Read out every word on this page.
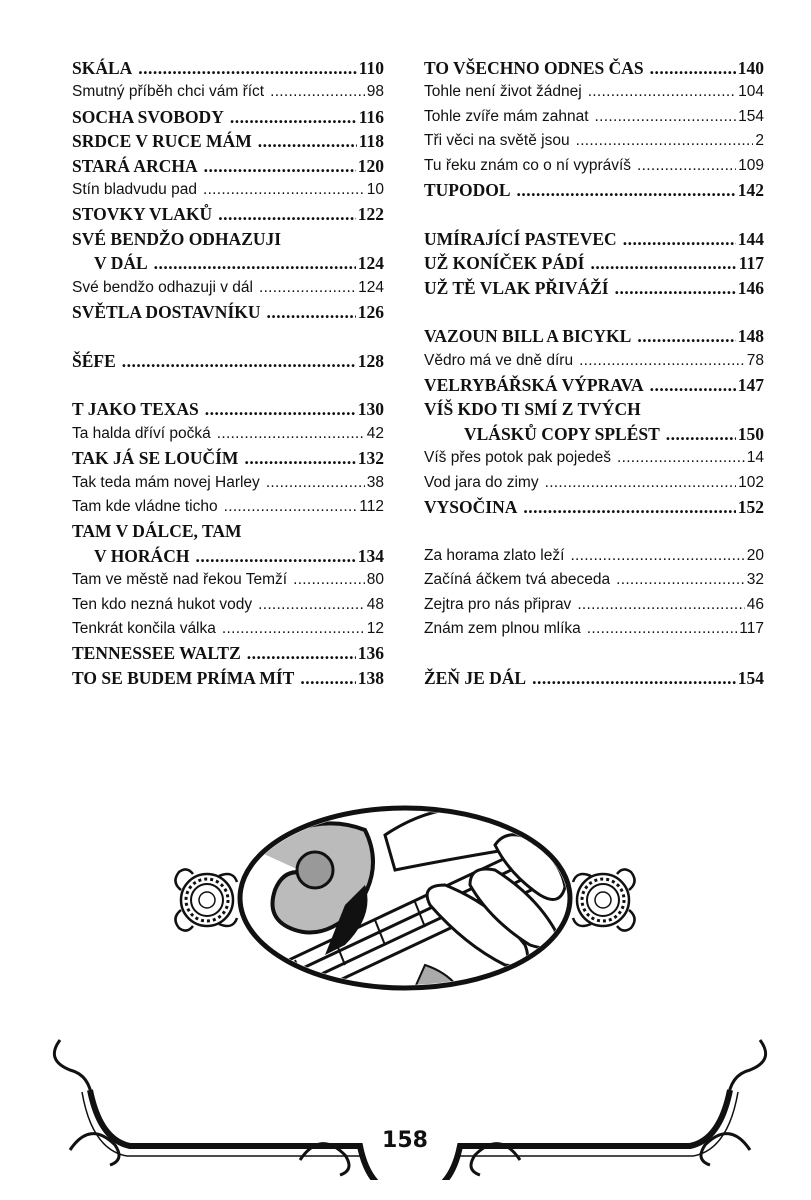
SKÁLA .....	110
Smutný příběh chci vám říct .....	98
SOCHA SVOBODY .....	116
SRDCE V RUCE MÁM .....	118
STARÁ ARCHA .....	120
Stín bladvudu pad .....	10
STOVKY VLAKŮ .....	122
SVÉ BENDŽO ODHAZUJI
V DÁL .....	124
Své bendžo odhazuji v dál .....	124
SVĚTLA DOSTAVNÍKU .....	126
ŠÉFE .....	128
T JAKO TEXAS .....	130
Ta halda dříví počká .....	42
TAK JÁ SE LOUČÍM .....	132
Tak teda mám novej Harley .....	38
Tam kde vládne ticho .....	112
TAM V DÁLCE, TAM
V HORÁCH .....	134
Tam ve městě nad řekou Temží .....	80
Ten kdo nezná hukot vody .....	48
Tenkrát končila válka .....	12
TENNESSEE WALTZ .....	136
TO SE BUDEM PRÍMA MÍT .....	138
TO VŠECHNO ODNES ČAS .....	140
Tohle není život žádnej .....	104
Tohle zvíře mám zahnat .....	154
Tři věci na světě jsou .....	2
Tu řeku znám co o ní vyprávíš .....	109
TUPODOL .....	142
UMÍRAJÍCÍ PASTEVEC .....	144
UŽ KONÍČEK PÁDÍ .....	117
UŽ TĚ VLAK PŘIVÁŽÍ .....	146
VAZOUN BILL A BICYKL .....	148
Vědro má ve dně díru .....	78
VELRYBÁŘSKÁ VÝPRAVA .....	147
VÍŠ KDO TI SMÍ Z TVÝCH
VLÁSKŮ COPY SPLÉST .....	150
Víš přes potok pak pojedeš .....	14
Vod jara do zimy .....	102
VYSOČINA .....	152
Za horama zlato leží .....	20
Začíná áčkem tvá abeceda .....	32
Zejtra pro nás připrav .....	46
Znám zem plnou mlíka .....	117
ŽEŇ JE DÁL .....	154
158
